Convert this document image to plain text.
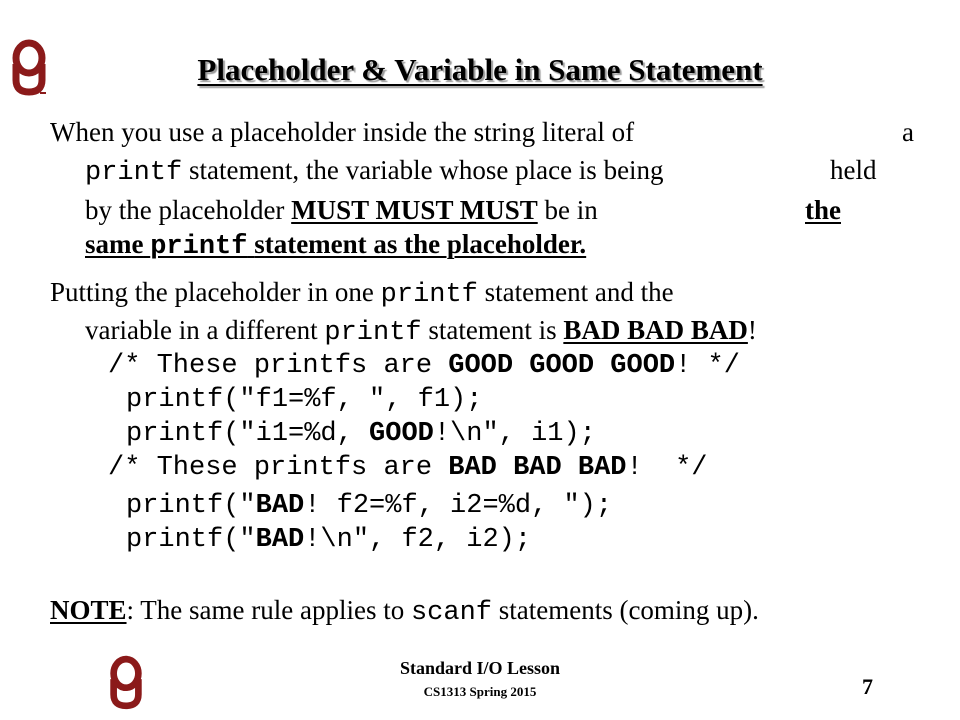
Placeholder & Variable in Same Statement
When you use a placeholder inside the string literal of	a
printf statement, the variable whose place is being	held
by the placeholder MUST MUST MUST be in	the
same printf statement as the placeholder.
Putting the placeholder in one printf statement and the
variable in a different printf statement is BAD BAD BAD!
/* These printfs are GOOD GOOD GOOD! */
printf("f1=%f, ", f1);
printf("i1=%d, GOOD!\n", i1);
/* These printfs are BAD BAD BAD!  */
printf("BAD! f2=%f, i2=%d, ");
printf("BAD!\n", f2, i2);
NOTE: The same rule applies to scanf statements (coming up).
Standard I/O Lesson
CS1313 Spring 2015	7
